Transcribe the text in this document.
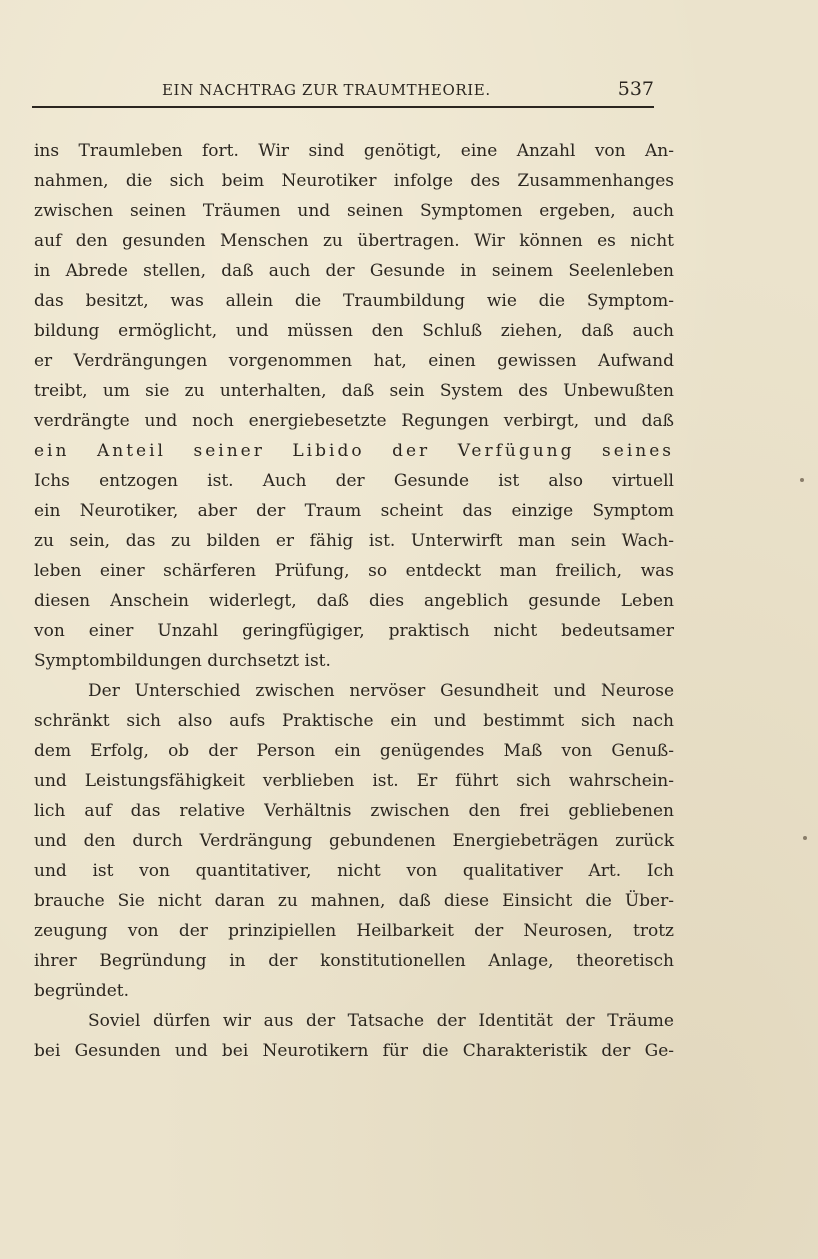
EIN NACHTRAG ZUR TRAUMTHEORIE.	537
ins Traumleben fort. Wir sind genötigt, eine Anzahl von An-
nahmen, die sich beim Neurotiker infolge des Zusammenhanges
zwischen seinen Träumen und seinen Symptomen ergeben, auch
auf den gesunden Menschen zu übertragen. Wir können es nicht
in Abrede stellen, daß auch der Gesunde in seinem Seelenleben
das besitzt, was allein die Traumbildung wie die Symptom-
bildung ermöglicht, und müssen den Schluß ziehen, daß auch
er Verdrängungen vorgenommen hat, einen gewissen Aufwand
treibt, um sie zu unterhalten, daß sein System des Unbewußten
verdrängte und noch energiebesetzte Regungen verbirgt, und daß
ein Anteil seiner Libido der Verfügung seines
Ichs entzogen ist. Auch der Gesunde ist also virtuell
ein Neurotiker, aber der Traum scheint das einzige Symptom
zu sein, das zu bilden er fähig ist. Unterwirft man sein Wach-
leben einer schärferen Prüfung, so entdeckt man freilich, was
diesen Anschein widerlegt, daß dies angeblich gesunde Leben
von einer Unzahl geringfügiger, praktisch nicht bedeutsamer
Symptombildungen durchsetzt ist.
Der Unterschied zwischen nervöser Gesundheit und Neurose
schränkt sich also aufs Praktische ein und bestimmt sich nach
dem Erfolg, ob der Person ein genügendes Maß von Genuß-
und Leistungsfähigkeit verblieben ist. Er führt sich wahrschein-
lich auf das relative Verhältnis zwischen den frei gebliebenen
und den durch Verdrängung gebundenen Energiebeträgen zurück
und ist von quantitativer, nicht von qualitativer Art. Ich
brauche Sie nicht daran zu mahnen, daß diese Einsicht die Über-
zeugung von der prinzipiellen Heilbarkeit der Neurosen, trotz
ihrer Begründung in der konstitutionellen Anlage, theoretisch
begründet.
Soviel dürfen wir aus der Tatsache der Identität der Träume
bei Gesunden und bei Neurotikern für die Charakteristik der Ge-
